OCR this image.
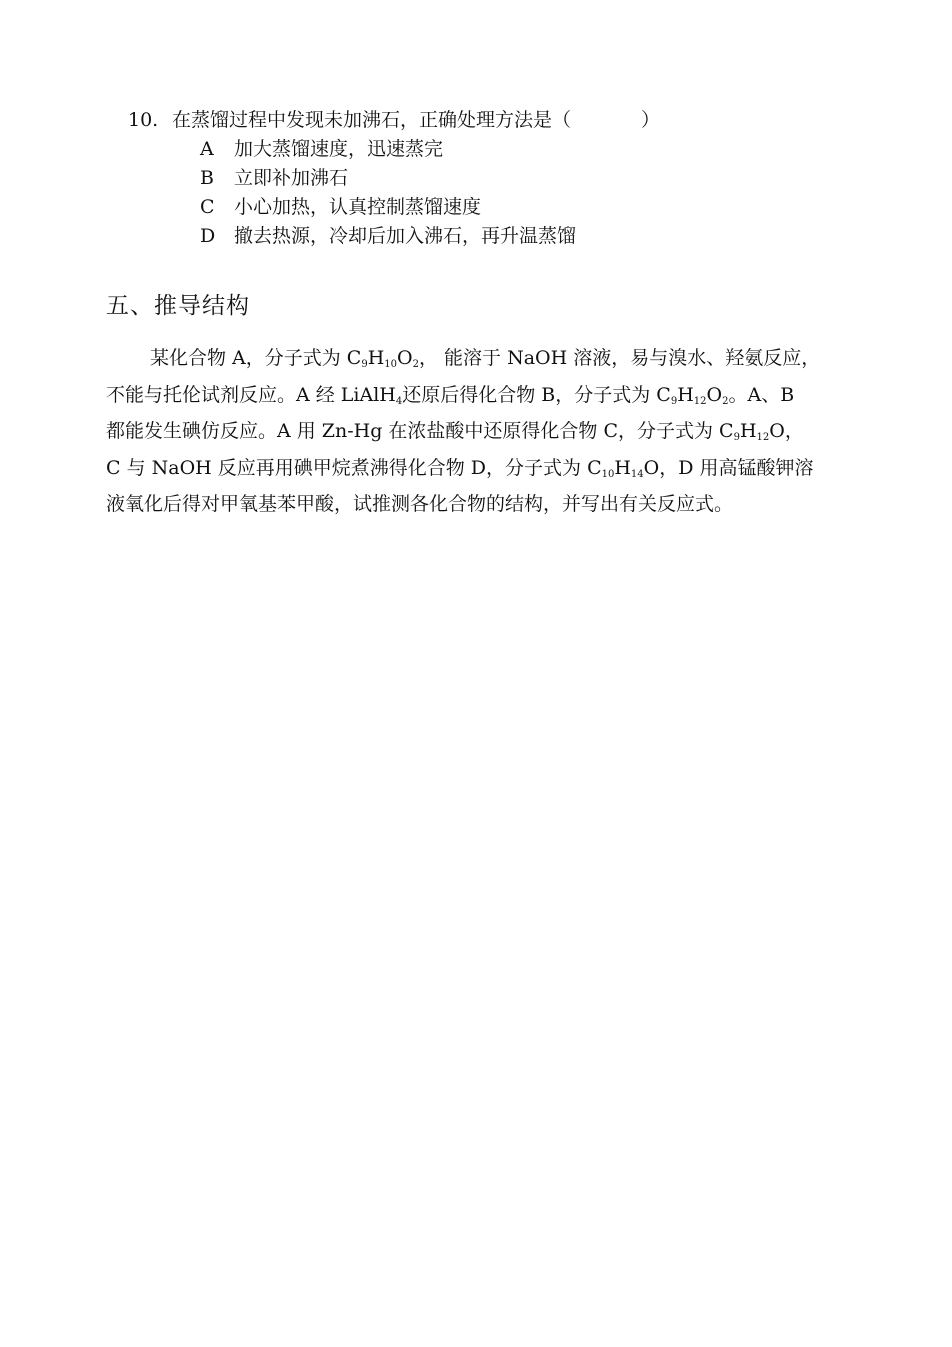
10. 在蒸馏过程中发现未加沸石，正确处理方法是（	）
A 加大蒸馏速度，迅速蒸完
B 立即补加沸石
C 小心加热，认真控制蒸馏速度
D 撤去热源，冷却后加入沸石，再升温蒸馏
五、推导结构
某化合物 A，分子式为 $C_9H_{10}O_2$， 能溶于 NaOH 溶液，易与溴水、羟氨反应，
不能与托伦试剂反应。A 经 LiAlH$_4$还原后得化合物 B，分子式为 $C_9H_{12}O_2$。A、B
都能发生碘仿反应。A 用 Zn-Hg 在浓盐酸中还原得化合物 C，分子式为 $C_9H_{12}O$，
C 与 NaOH 反应再用碘甲烷煮沸得化合物 D，分子式为 $C_{10}H_{14}O$，D 用高锰酸钾溶
液氧化后得对甲氧基苯甲酸，试推测各化合物的结构，并写出有关反应式。
